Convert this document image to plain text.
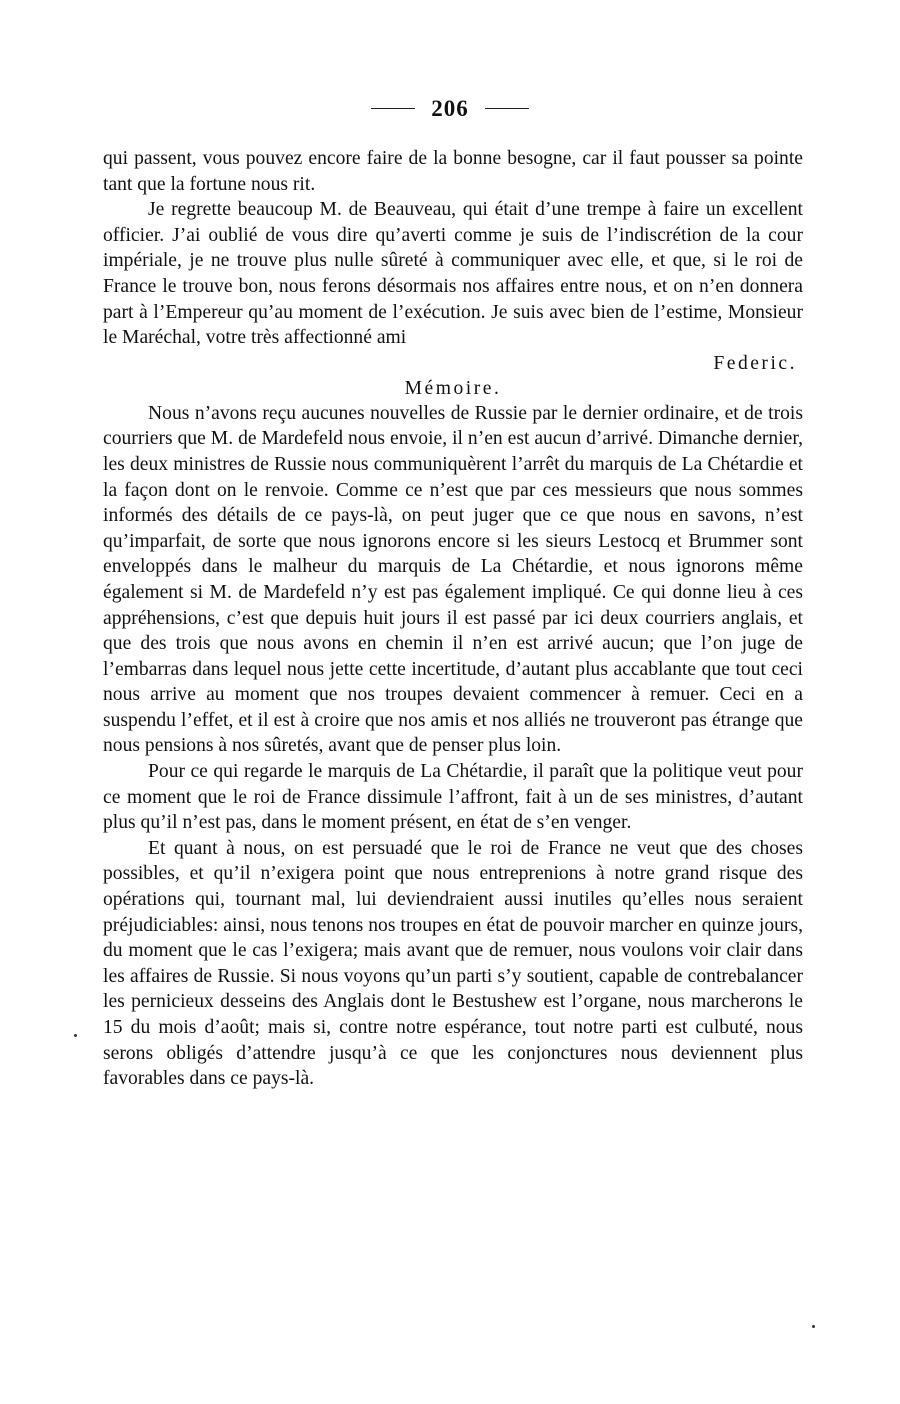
206

qui passent, vous pouvez encore faire de la bonne besogne, car il faut pousser sa pointe tant que la fortune nous rit.

Je regrette beaucoup M. de Beauveau, qui était d’une trempe à faire un excellent officier. J’ai oublié de vous dire qu’averti comme je suis de l’indiscrétion de la cour impériale, je ne trouve plus nulle sûreté à communiquer avec elle, et que, si le roi de France le trouve bon, nous ferons désormais nos affaires entre nous, et on n’en donnera part à l’Empereur qu’au moment de l’exécution. Je suis avec bien de l’estime, Monsieur le Maréchal, votre très affectionné ami

Federic.

Mémoire.

Nous n’avons reçu aucunes nouvelles de Russie par le dernier ordinaire, et de trois courriers que M. de Mardefeld nous envoie, il n’en est aucun d’arrivé. Dimanche dernier, les deux ministres de Russie nous communiquèrent l’arrêt du marquis de La Chétardie et la façon dont on le renvoie. Comme ce n’est que par ces messieurs que nous sommes informés des détails de ce pays-là, on peut juger que ce que nous en savons, n’est qu’imparfait, de sorte que nous ignorons encore si les sieurs Lestocq et Brummer sont enveloppés dans le malheur du marquis de La Chétardie, et nous ignorons même également si M. de Mardefeld n’y est pas également impliqué. Ce qui donne lieu à ces appréhensions, c’est que depuis huit jours il est passé par ici deux courriers anglais, et que des trois que nous avons en chemin il n’en est arrivé aucun; que l’on juge de l’embarras dans lequel nous jette cette incertitude, d’autant plus accablante que tout ceci nous arrive au moment que nos troupes devaient commencer à remuer. Ceci en a suspendu l’effet, et il est à croire que nos amis et nos alliés ne trouveront pas étrange que nous pensions à nos sûretés, avant que de penser plus loin.

Pour ce qui regarde le marquis de La Chétardie, il paraît que la politique veut pour ce moment que le roi de France dissimule l’affront, fait à un de ses ministres, d’autant plus qu’il n’est pas, dans le moment présent, en état de s’en venger.

Et quant à nous, on est persuadé que le roi de France ne veut que des choses possibles, et qu’il n’exigera point que nous entreprenions à notre grand risque des opérations qui, tournant mal, lui deviendraient aussi inutiles qu’elles nous seraient préjudiciables: ainsi, nous tenons nos troupes en état de pouvoir marcher en quinze jours, du moment que le cas l’exigera; mais avant que de remuer, nous voulons voir clair dans les affaires de Russie. Si nous voyons qu’un parti s’y soutient, capable de contrebalancer les pernicieux desseins des Anglais dont le Bestushew est l’organe, nous marcherons le 15 du mois d’août; mais si, contre notre espérance, tout notre parti est culbuté, nous serons obligés d’attendre jusqu’à ce que les conjonctures nous deviennent plus favorables dans ce pays-là.
